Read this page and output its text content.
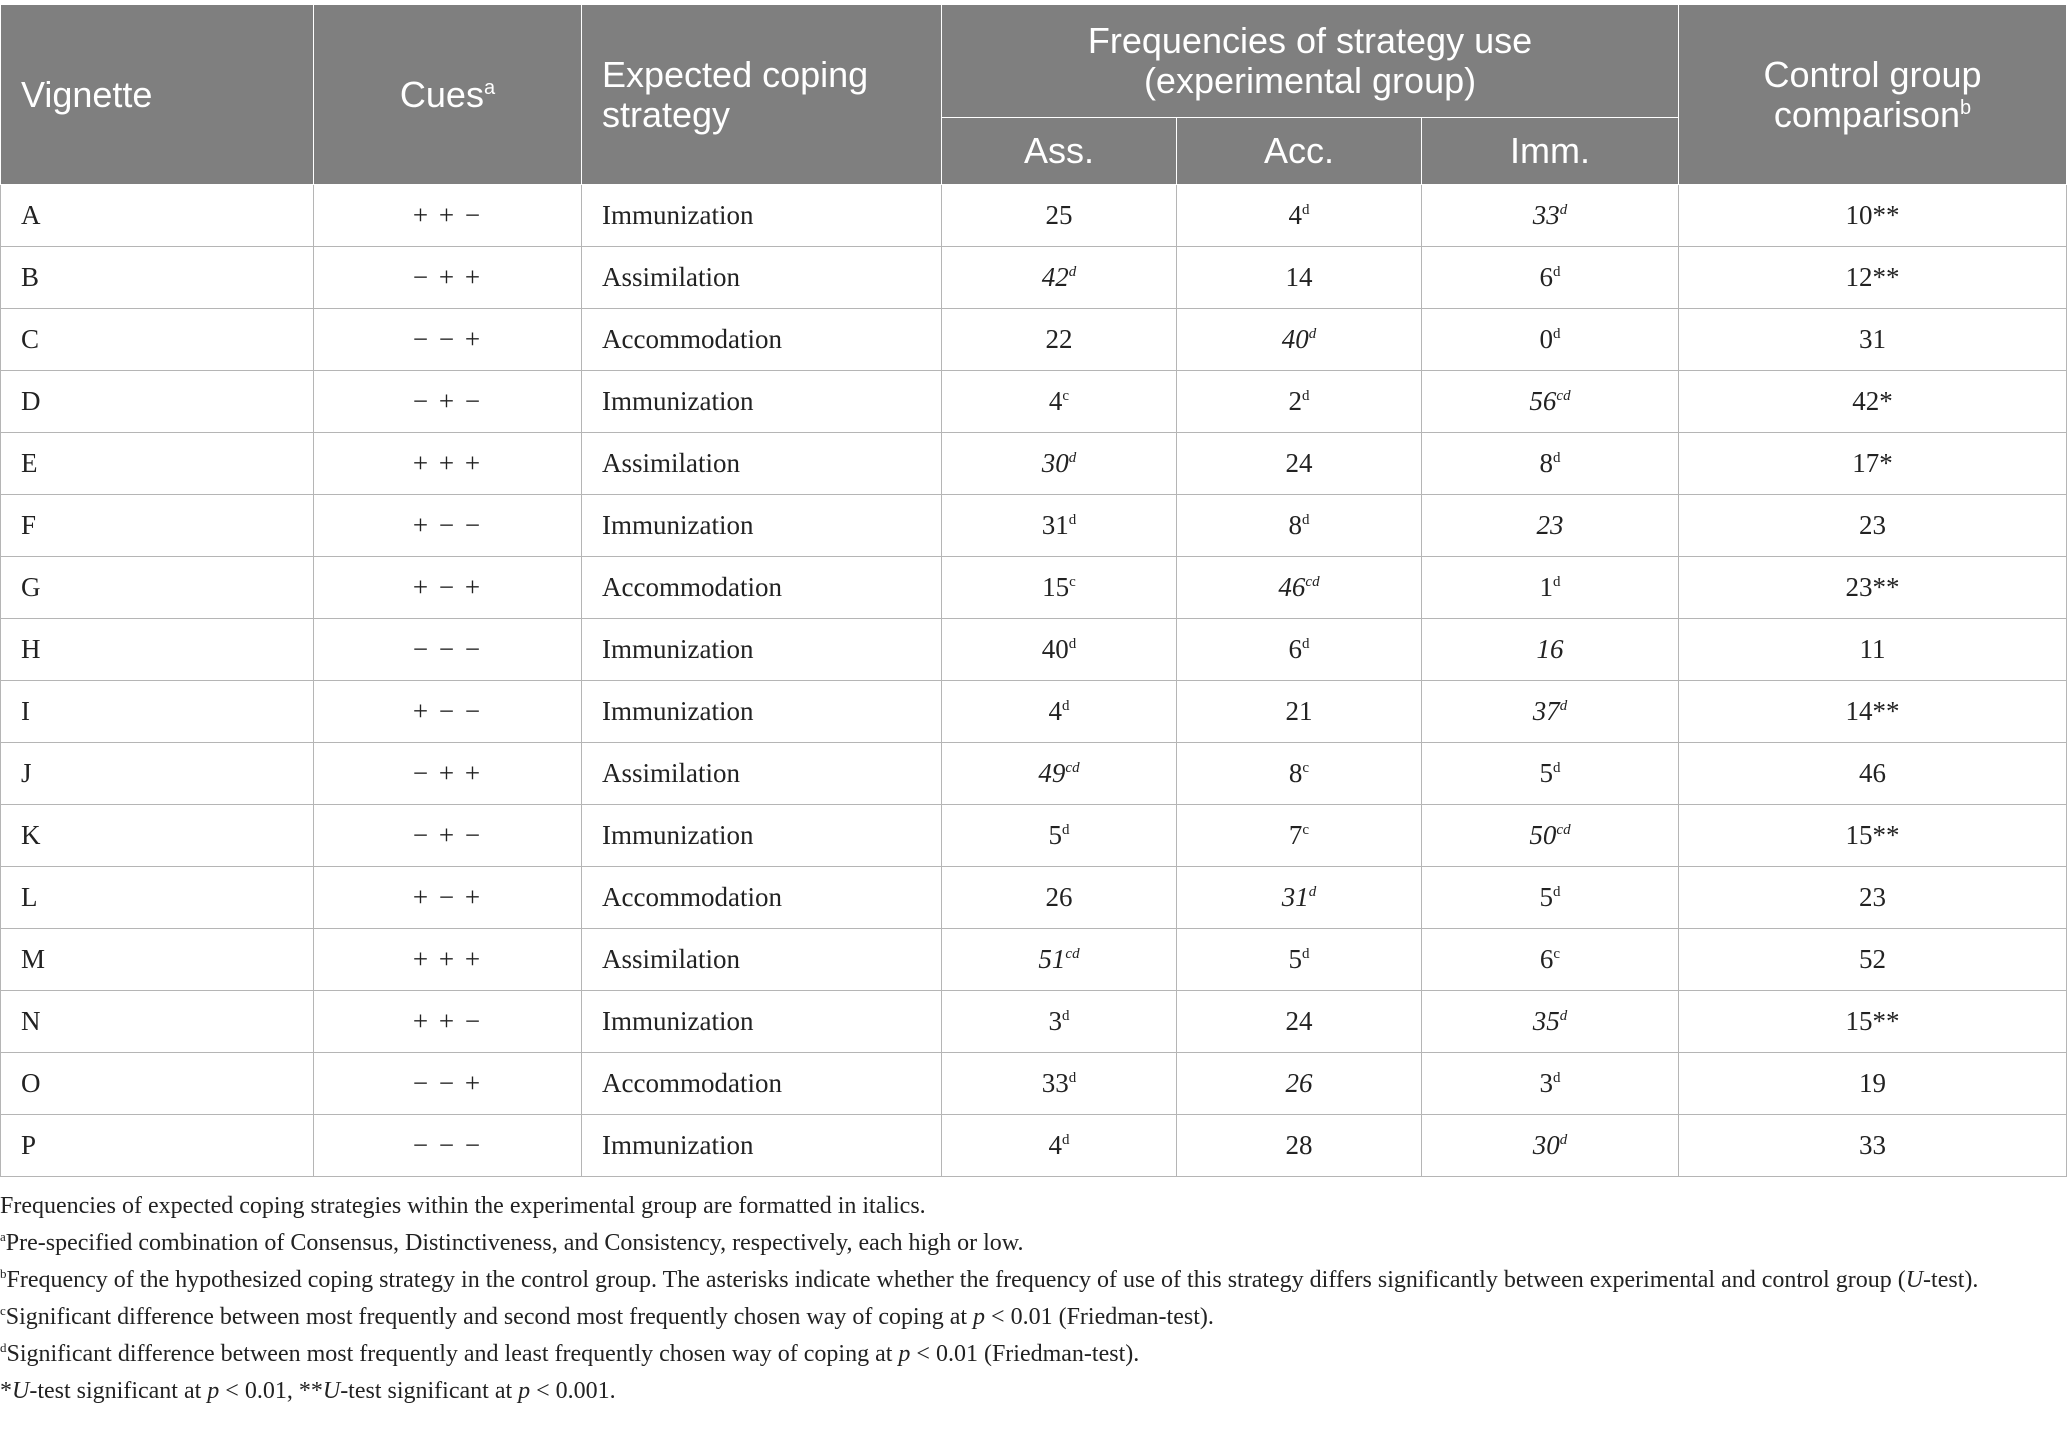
Vignette	Cues$^a$	Expected coping strategy	Frequencies of strategy use
(experimental group)			Control group
comparison$^b$
			Ass.	Acc.	Imm.	
A	+ + −	Immunization	25	4$^d$	33$^d$	10**
B	− + +	Assimilation	42$^d$	14	6$^d$	12**
C	− − +	Accommodation	22	40$^d$	0$^d$	31
D	− + −	Immunization	4$^c$	2$^d$	$56^{cd}$	42*
E	+ + +	Assimilation	30$^d$	24	8$^d$	17*
F	+ − −	Immunization	31$^d$	8$^d$	23	23
G	+ − +	Accommodation	15$^c$	$46^{cd}$	1$^d$	23**
H	− − −	Immunization	40$^d$	6$^d$	16	11
I	+ − −	Immunization	4$^d$	21	37$^d$	14**
J	− + +	Assimilation	$49^{cd}$	8$^c$	5$^d$	46
K	− + −	Immunization	5$^d$	7$^c$	$50^{cd}$	15**
L	+ − +	Accommodation	26	31$^d$	5$^d$	23
M	+ + +	Assimilation	$51^{cd}$	5$^d$	6$^c$	52
N	+ + −	Immunization	3$^d$	24	35$^d$	15**
O	− − +	Accommodation	33$^d$	26	3$^d$	19
P	− − −	Immunization	4$^d$	28	30$^d$	33

Frequencies of expected coping strategies within the experimental group are formatted in italics.

$^a$Pre-specified combination of Consensus, Distinctiveness, and Consistency, respectively, each high or low.

$^b$Frequency of the hypothesized coping strategy in the control group. The asterisks indicate whether the frequency of use of this strategy differs significantly between experimental and control group (U-test).

$^c$Significant difference between most frequently and second most frequently chosen way of coping at p < 0.01 (Friedman-test).

$^d$Significant difference between most frequently and least frequently chosen way of coping at p < 0.01 (Friedman-test).

*U-test significant at p < 0.01, **U-test significant at p < 0.001.
